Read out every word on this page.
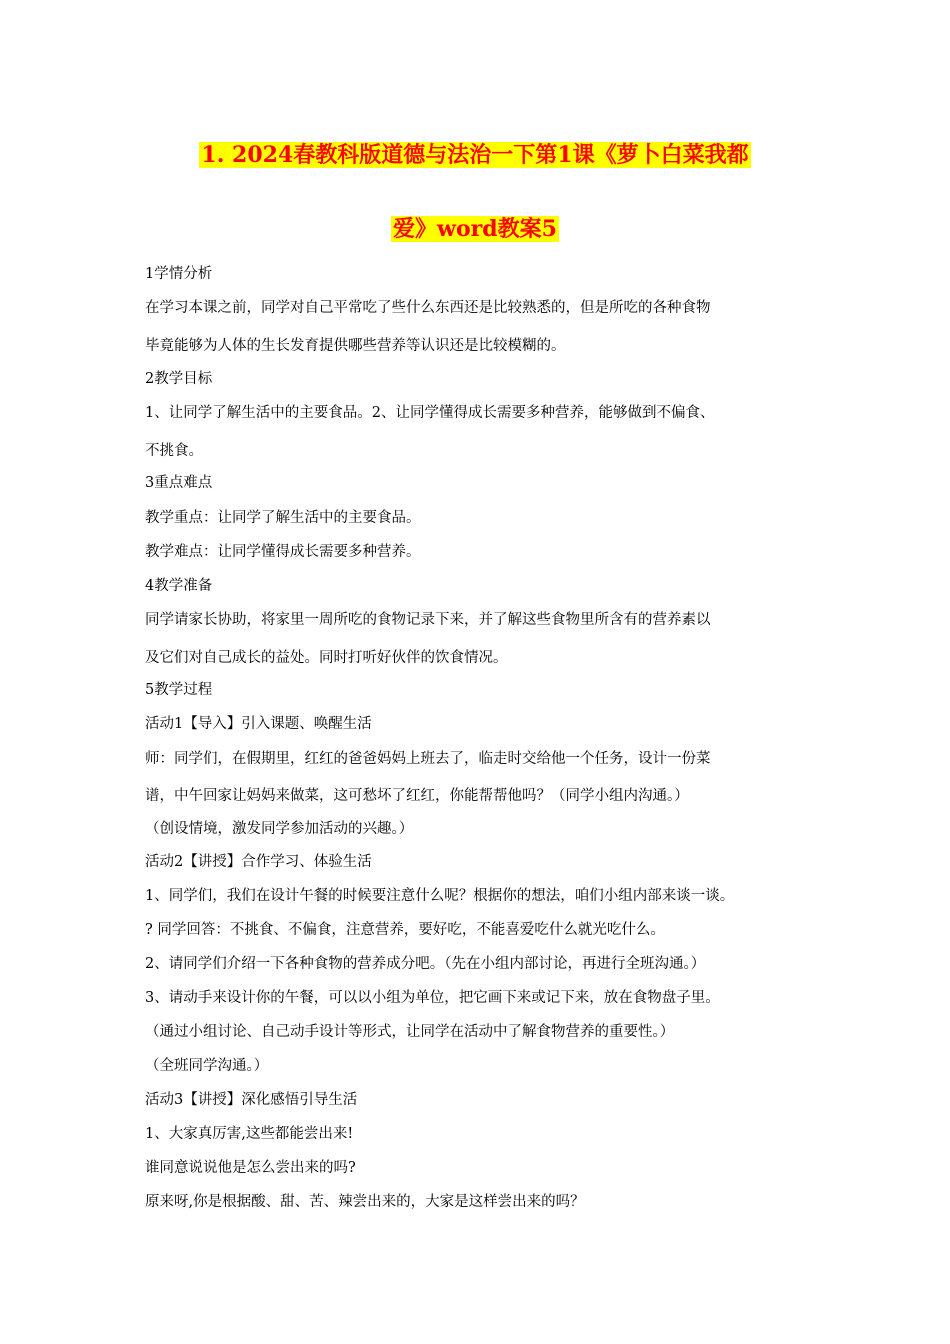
1. 2024春教科版道德与法治一下第1课《萝卜白菜我都
爱》word教案5
1学情分析
在学习本课之前，同学对自己平常吃了些什么东西还是比较熟悉的，但是所吃的各种食物
毕竟能够为人体的生长发育提供哪些营养等认识还是比较模糊的。
2教学目标
1、让同学了解生活中的主要食品。2、让同学懂得成长需要多种营养，能够做到不偏食、
不挑食。
3重点难点
教学重点：让同学了解生活中的主要食品。
教学难点：让同学懂得成长需要多种营养。
4教学准备
同学请家长协助，将家里一周所吃的食物记录下来，并了解这些食物里所含有的营养素以
及它们对自己成长的益处。同时打听好伙伴的饮食情况。
5教学过程
活动1【导入】引入课题、唤醒生活
师：同学们，在假期里，红红的爸爸妈妈上班去了，临走时交给他一个任务，设计一份菜
谱，中午回家让妈妈来做菜，这可愁坏了红红，你能帮帮他吗？（同学小组内沟通。）
（创设情境，激发同学参加活动的兴趣。）
活动2【讲授】合作学习、体验生活
1、同学们，我们在设计午餐的时候要注意什么呢？根据你的想法，咱们小组内部来谈一谈。
? 同学回答：不挑食、不偏食，注意营养，要好吃，不能喜爱吃什么就光吃什么。
2、请同学们介绍一下各种食物的营养成分吧。（先在小组内部讨论，再进行全班沟通。）
3、请动手来设计你的午餐，可以以小组为单位，把它画下来或记下来，放在食物盘子里。
（通过小组讨论、自己动手设计等形式，让同学在活动中了解食物营养的重要性。）
（全班同学沟通。）
活动3【讲授】深化感悟引导生活
1、大家真厉害,这些都能尝出来!
谁同意说说他是怎么尝出来的吗?
原来呀,你是根据酸、甜、苦、辣尝出来的，大家是这样尝出来的吗？
